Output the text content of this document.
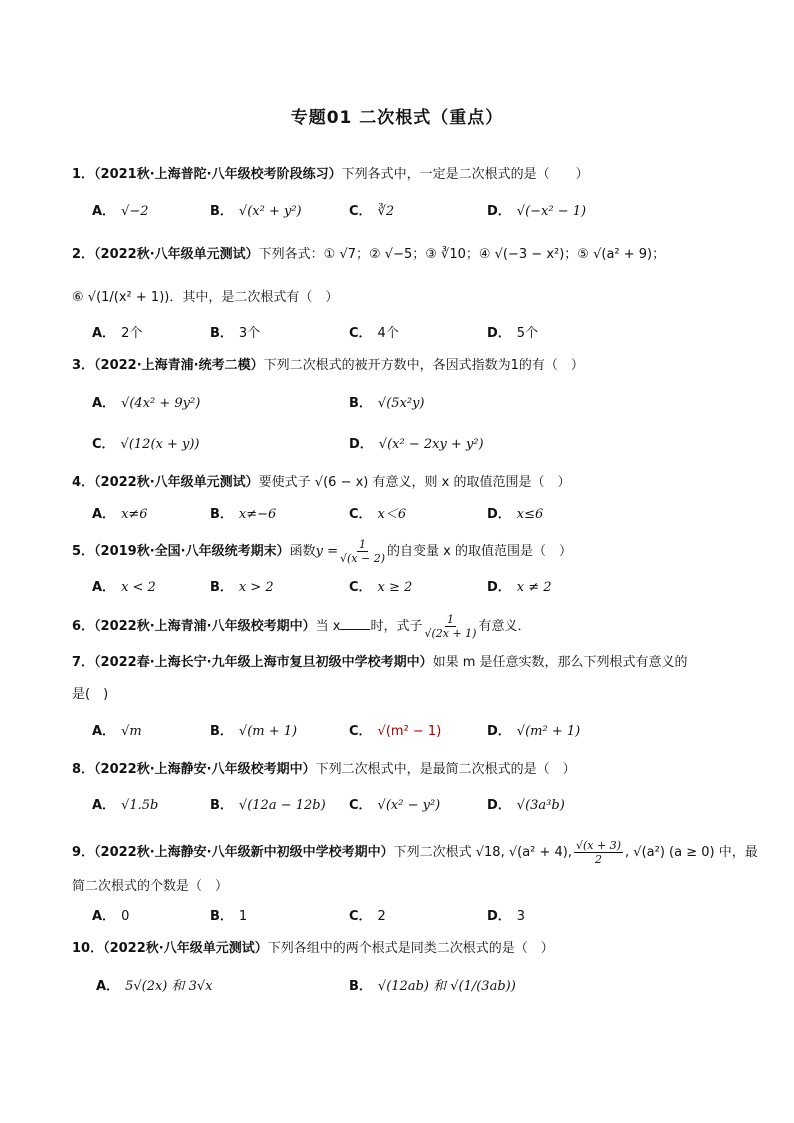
专题01 二次根式（重点）
1．（2021秋·上海普陀·八年级校考阶段练习）下列各式中，一定是二次根式的是（　　）
A． √−2	B． √(x² + y²)	C． ∛2	D． √(−x² − 1)
2．（2022秋·八年级单元测试）下列各式：① √7；② √−5；③ ∛10；④ √(−3 − x²)；⑤ √(a² + 9)；
⑥ √(1/(x² + 1))．其中，是二次根式有（　）
A． 2个	B． 3个	C． 4个	D． 5个
3．（2022·上海青浦·统考二模）下列二次根式的被开方数中，各因式指数为1的有（　）
A． √(4x² + 9y²)	B． √(5x²y)
C． √(12(x + y))	D． √(x² − 2xy + y²)
4．（2022秋·八年级单元测试）要使式子 √(6 − x) 有意义，则 x 的取值范围是（　）
A． x≠6	B． x≠−6	C． x＜6	D． x≤6
5．（2019秋·全国·八年级统考期末）函数$y = \frac{1}{√(x - 2)}$ 的自变量 x 的取值范围是（　）
A． x < 2	B． x > 2	C． x ≥ 2	D． x ≠ 2
6．（2022秋·上海青浦·八年级校考期中）当 x 时，式子 $\frac{1}{√(2x + 1)}$ 有意义．
7．（2022春·上海长宁·九年级上海市复旦初级中学校考期中）如果 m 是任意实数，那么下列根式有意义的
是(　)
A． √m	B． √(m + 1)	C． √(m² − 1)	D． √(m² + 1)
8．（2022秋·上海静安·八年级校考期中）下列二次根式中，是最简二次根式的是（　）
A． √1.5b	B． √(12a − 12b) C． √(x² − y²)	D． √(3a³b)
9．（2022秋·上海静安·八年级新中初级中学校考期中）下列二次根式 √18, √(a² + 4), $\frac{√(x + 3)}{2}$ , √(a²) (a ≥ 0) 中，最
简二次根式的个数是（　）
A． 0	B． 1	C． 2	D． 3
10．（2022秋·八年级单元测试）下列各组中的两个根式是同类二次根式的是（　）
A． 5√(2x) 和 3√x	B． √(12ab) 和 √(1/(3ab))
